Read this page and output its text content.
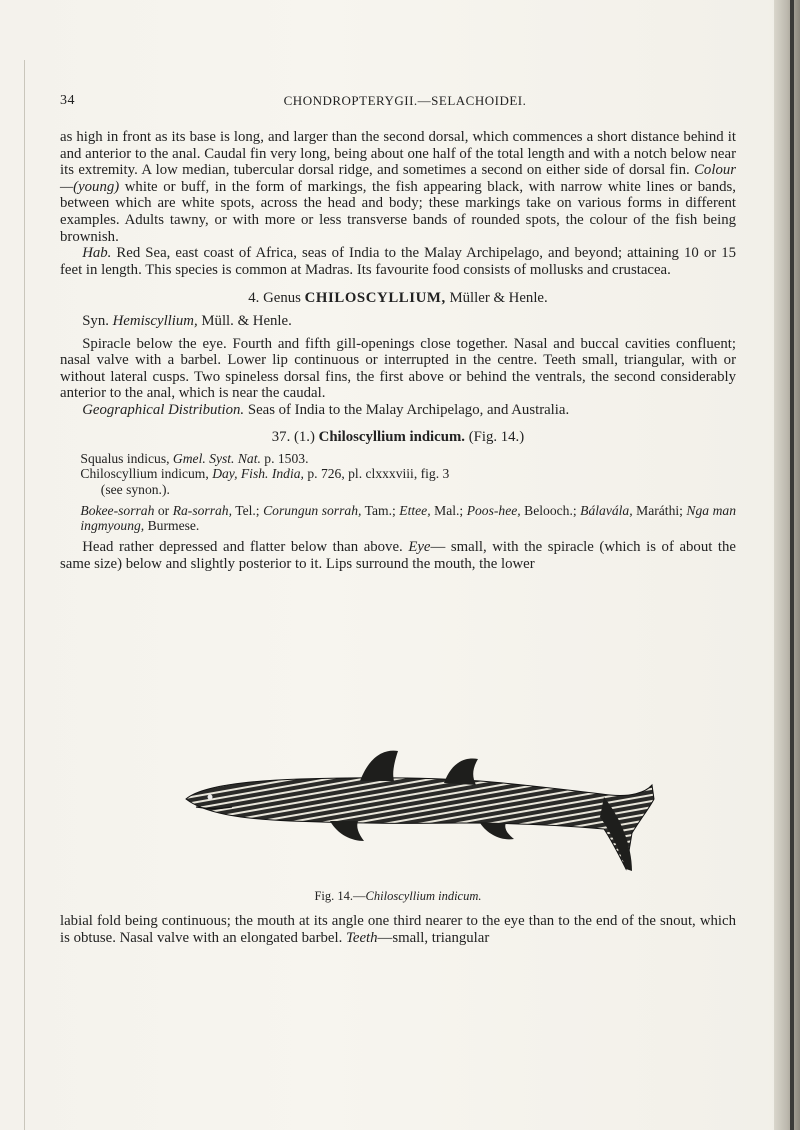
34	CHONDROPTERYGII.—SELACHOIDEI.

as high in front as its base is long, and larger than the second dorsal, which commences a short distance behind it and anterior to the anal. Caudal fin very long, being about one half of the total length and with a notch below near its extremity. A low median, tubercular dorsal ridge, and sometimes a second on either side of dorsal fin. Colour—(young) white or buff, in the form of markings, the fish appearing black, with narrow white lines or bands, between which are white spots, across the head and body; these markings take on various forms in different examples. Adults tawny, or with more or less transverse bands of rounded spots, the colour of the fish being brownish.

Hab. Red Sea, east coast of Africa, seas of India to the Malay Archipelago, and beyond; attaining 10 or 15 feet in length. This species is common at Madras. Its favourite food consists of mollusks and crustacea.

4. Genus CHILOSCYLLIUM, Müller & Henle.

Syn. Hemiscyllium, Müll. & Henle.

Spiracle below the eye. Fourth and fifth gill-openings close together. Nasal and buccal cavities confluent; nasal valve with a barbel. Lower lip continuous or interrupted in the centre. Teeth small, triangular, with or without lateral cusps. Two spineless dorsal fins, the first above or behind the ventrals, the second considerably anterior to the anal, which is near the caudal.

Geographical Distribution. Seas of India to the Malay Archipelago, and Australia.

37. (1.) Chiloscyllium indicum. (Fig. 14.)

Squalus indicus, Gmel. Syst. Nat. p. 1503.

Chiloscyllium indicum, Day, Fish. India, p. 726, pl. clxxxviii, fig. 3

(see synon.).

Bokee-sorrah or Ra-sorrah, Tel.; Corungun sorrah, Tam.; Ettee, Mal.; Poos-hee, Belooch.; Bálavála, Maráthi; Nga man ingmyoung, Burmese.

Head rather depressed and flatter below than above. Eye— small, with the spiracle (which is of about the same size) below and slightly posterior to it. Lips surround the mouth, the lower

Fig. 14.—Chiloscyllium indicum.

labial fold being continuous; the mouth at its angle one third nearer to the eye than to the end of the snout, which is obtuse. Nasal valve with an elongated barbel. Teeth—small, triangular
